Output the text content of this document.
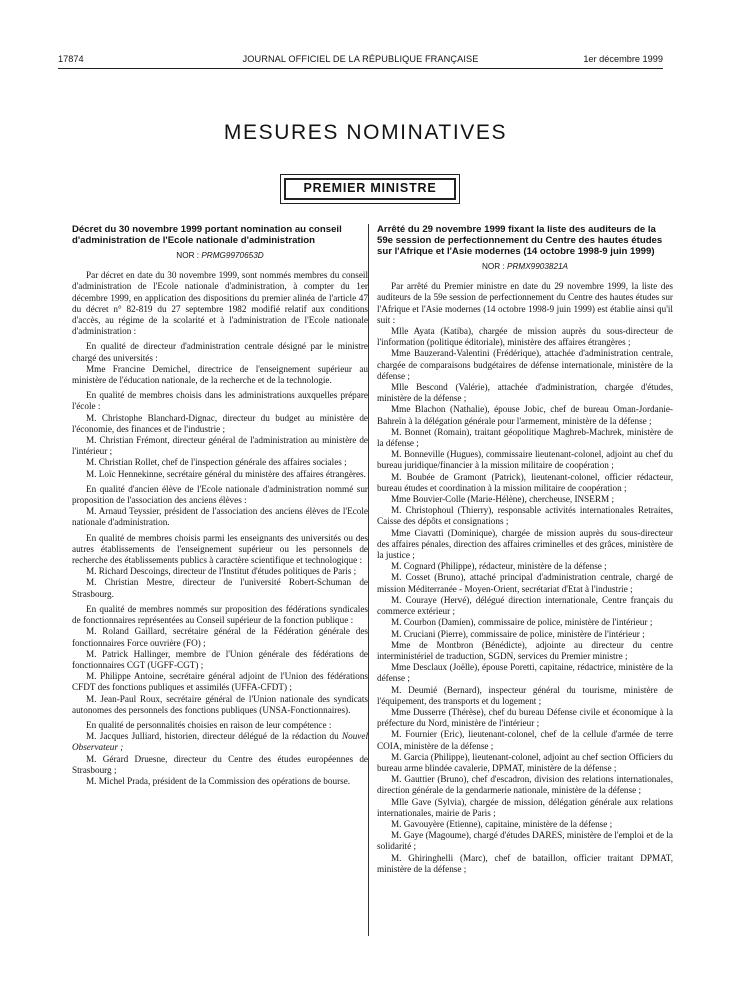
17874	JOURNAL OFFICIEL DE LA RÉPUBLIQUE FRANÇAISE	1er décembre 1999
MESURES NOMINATIVES
PREMIER MINISTRE
Décret du 30 novembre 1999 portant nomination au conseil d'administration de l'Ecole nationale d'administration
NOR : PRMG9970653D
Par décret en date du 30 novembre 1999, sont nommés membres du conseil d'administration de l'Ecole nationale d'administration, à compter du 1er décembre 1999, en application des dispositions du premier alinéa de l'article 47 du décret n° 82-819 du 27 septembre 1982 modifié relatif aux conditions d'accès, au régime de la scolarité et à l'administration de l'Ecole nationale d'administration :
En qualité de directeur d'administration centrale désigné par le ministre chargé des universités :
Mme Francine Demichel, directrice de l'enseignement supérieur au ministère de l'éducation nationale, de la recherche et de la technologie.
En qualité de membres choisis dans les administrations auxquelles prépare l'école :
M. Christophe Blanchard-Dignac, directeur du budget au ministère de l'économie, des finances et de l'industrie ;
M. Christian Frémont, directeur général de l'administration au ministère de l'intérieur ;
M. Christian Rollet, chef de l'inspection générale des affaires sociales ;
M. Loïc Hennekinne, secrétaire général du ministère des affaires étrangères.
En qualité d'ancien élève de l'Ecole nationale d'administration nommé sur proposition de l'association des anciens élèves :
M. Arnaud Teyssier, président de l'association des anciens élèves de l'Ecole nationale d'administration.
En qualité de membres choisis parmi les enseignants des universités ou des autres établissements de l'enseignement supérieur ou les personnels de recherche des établissements publics à caractère scientifique et technologique :
M. Richard Descoings, directeur de l'Institut d'études politiques de Paris ;
M. Christian Mestre, directeur de l'université Robert-Schuman de Strasbourg.
En qualité de membres nommés sur proposition des fédérations syndicales de fonctionnaires représentées au Conseil supérieur de la fonction publique :
M. Roland Gaillard, secrétaire général de la Fédération générale des fonctionnaires Force ouvrière (FO) ;
M. Patrick Hallinger, membre de l'Union générale des fédérations de fonctionnaires CGT (UGFF-CGT) ;
M. Philippe Antoine, secrétaire général adjoint de l'Union des fédérations CFDT des fonctions publiques et assimilés (UFFA-CFDT) ;
M. Jean-Paul Roux, secrétaire général de l'Union nationale des syndicats autonomes des personnels des fonctions publiques (UNSA-Fonctionnaires).
En qualité de personnalités choisies en raison de leur compétence :
M. Jacques Julliard, historien, directeur délégué de la rédaction du Nouvel Observateur ;
M. Gérard Druesne, directeur du Centre des études européennes de Strasbourg ;
M. Michel Prada, président de la Commission des opérations de bourse.
Arrêté du 29 novembre 1999 fixant la liste des auditeurs de la 59e session de perfectionnement du Centre des hautes études sur l'Afrique et l'Asie modernes (14 octobre 1998-9 juin 1999)
NOR : PRMX9903821A
Par arrêté du Premier ministre en date du 29 novembre 1999, la liste des auditeurs de la 59e session de perfectionnement du Centre des hautes études sur l'Afrique et l'Asie modernes (14 octobre 1998-9 juin 1999) est établie ainsi qu'il suit :
Mlle Ayata (Katiba), chargée de mission auprès du sous-directeur de l'information (politique éditoriale), ministère des affaires étrangères ;
Mme Bauzerand-Valentini (Frédérique), attachée d'administration centrale, chargée de comparaisons budgétaires de défense internationale, ministère de la défense ;
Mlle Bescond (Valérie), attachée d'administration, chargée d'études, ministère de la défense ;
Mme Blachon (Nathalie), épouse Jobic, chef de bureau Oman-Jordanie-Bahreïn à la délégation générale pour l'armement, ministère de la défense ;
M. Bonnet (Romain), traitant géopolitique Maghreb-Machrek, ministère de la défense ;
M. Bonneville (Hugues), commissaire lieutenant-colonel, adjoint au chef du bureau juridique/financier à la mission militaire de coopération ;
M. Boubée de Gramont (Patrick), lieutenant-colonel, officier rédacteur, bureau études et coordination à la mission militaire de coopération ;
Mme Bouvier-Colle (Marie-Hélène), chercheuse, INSERM ;
M. Christophoul (Thierry), responsable activités internationales Retraites, Caisse des dépôts et consignations ;
Mme Ciavatti (Dominique), chargée de mission auprès du sous-directeur des affaires pénales, direction des affaires criminelles et des grâces, ministère de la justice ;
M. Cognard (Philippe), rédacteur, ministère de la défense ;
M. Cosset (Bruno), attaché principal d'administration centrale, chargé de mission Méditerranée - Moyen-Orient, secrétariat d'Etat à l'industrie ;
M. Couraye (Hervé), délégué direction internationale, Centre français du commerce extérieur ;
M. Courbon (Damien), commissaire de police, ministère de l'intérieur ;
M. Cruciani (Pierre), commissaire de police, ministère de l'intérieur ;
Mme de Montbron (Bénédicte), adjointe au directeur du centre interministériel de traduction, SGDN, services du Premier ministre ;
Mme Desclaux (Joëlle), épouse Poretti, capitaine, rédactrice, ministère de la défense ;
M. Deumié (Bernard), inspecteur général du tourisme, ministère de l'équipement, des transports et du logement ;
Mme Dusserre (Thérèse), chef du bureau Défense civile et économique à la préfecture du Nord, ministère de l'intérieur ;
M. Fournier (Eric), lieutenant-colonel, chef de la cellule d'armée de terre COIA, ministère de la défense ;
M. Garcia (Philippe), lieutenant-colonel, adjoint au chef section Officiers du bureau arme blindée cavalerie, DPMAT, ministère de la défense ;
M. Gauttier (Bruno), chef d'escadron, division des relations internationales, direction générale de la gendarmerie nationale, ministère de la défense ;
Mlle Gave (Sylvia), chargée de mission, délégation générale aux relations internationales, mairie de Paris ;
M. Gavouyère (Etienne), capitaine, ministère de la défense ;
M. Gaye (Magoume), chargé d'études DARES, ministère de l'emploi et de la solidarité ;
M. Ghiringhelli (Marc), chef de bataillon, officier traitant DPMAT, ministère de la défense ;
